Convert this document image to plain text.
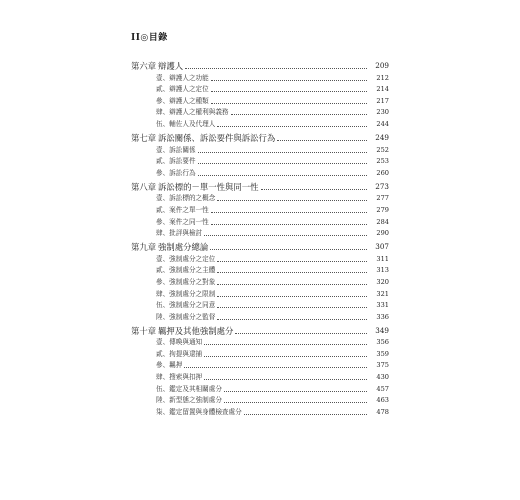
II◎目錄
第六章 辯護人	209
壹、辯護人之功能	212
貳、辯護人之定位	214
參、辯護人之種類	217
肆、辯護人之權利與義務	230
伍、輔佐人及代理人	244
第七章 訴訟關係、訴訟要件與訴訟行為	249
壹、訴訟關係	252
貳、訴訟要件	253
參、訴訟行為	260
第八章 訴訟標的－單一性與同一性	273
壹、訴訟標的之概念	277
貳、案件之單一性	279
參、案件之同一性	284
肆、批評與檢討	290
第九章 強制處分總論	307
壹、強制處分之定位	311
貳、強制處分之主體	313
參、強制處分之對象	320
肆、強制處分之限制	321
伍、強制處分之同意	331
陸、強制處分之監督	336
第十章 羈押及其他強制處分	349
壹、傳喚與通知	356
貳、拘提與逮捕	359
參、羈押	375
肆、搜索與扣押	430
伍、鑑定及其相關處分	457
陸、新型態之強制處分	463
柒、鑑定留置與身體檢查處分	478
